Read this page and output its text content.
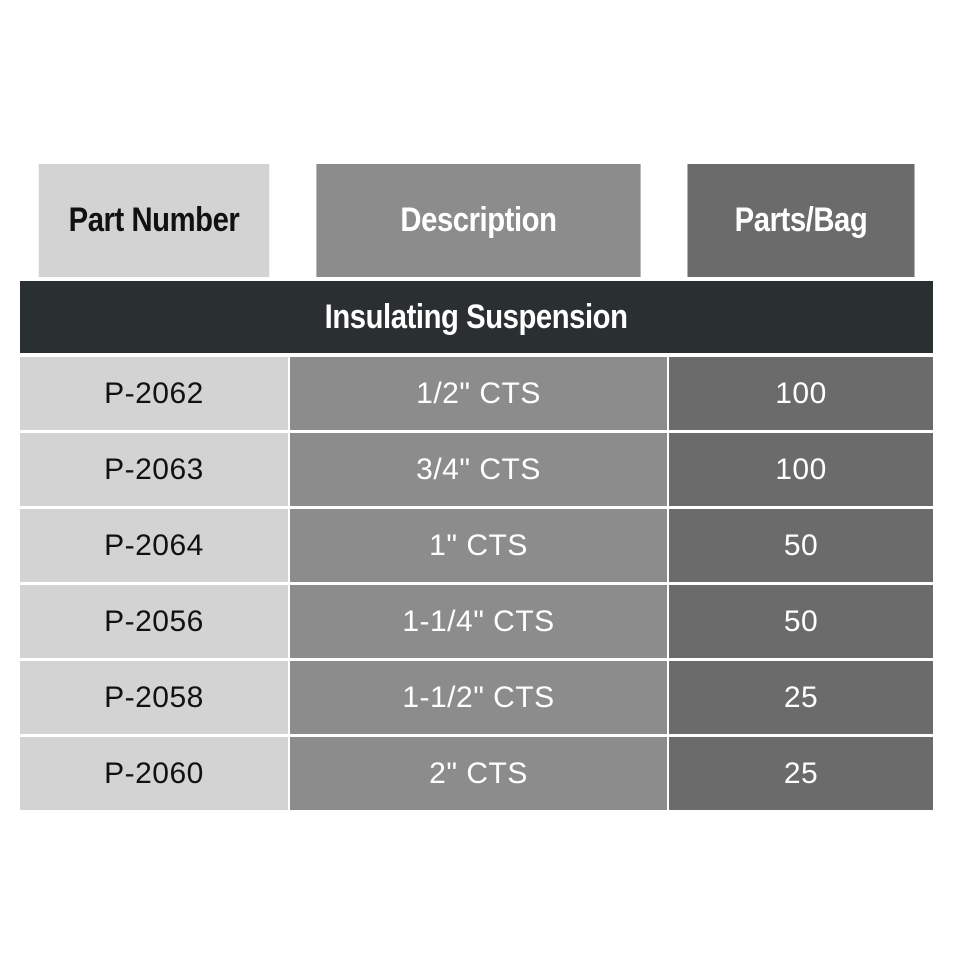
Part Number	Description	Parts/Bag
Insulating Suspension
P-2062	1/2" CTS	100
P-2063	3/4" CTS	100
P-2064	1" CTS	50
P-2056	1-1/4" CTS	50
P-2058	1-1/2" CTS	25
P-2060	2" CTS	25
